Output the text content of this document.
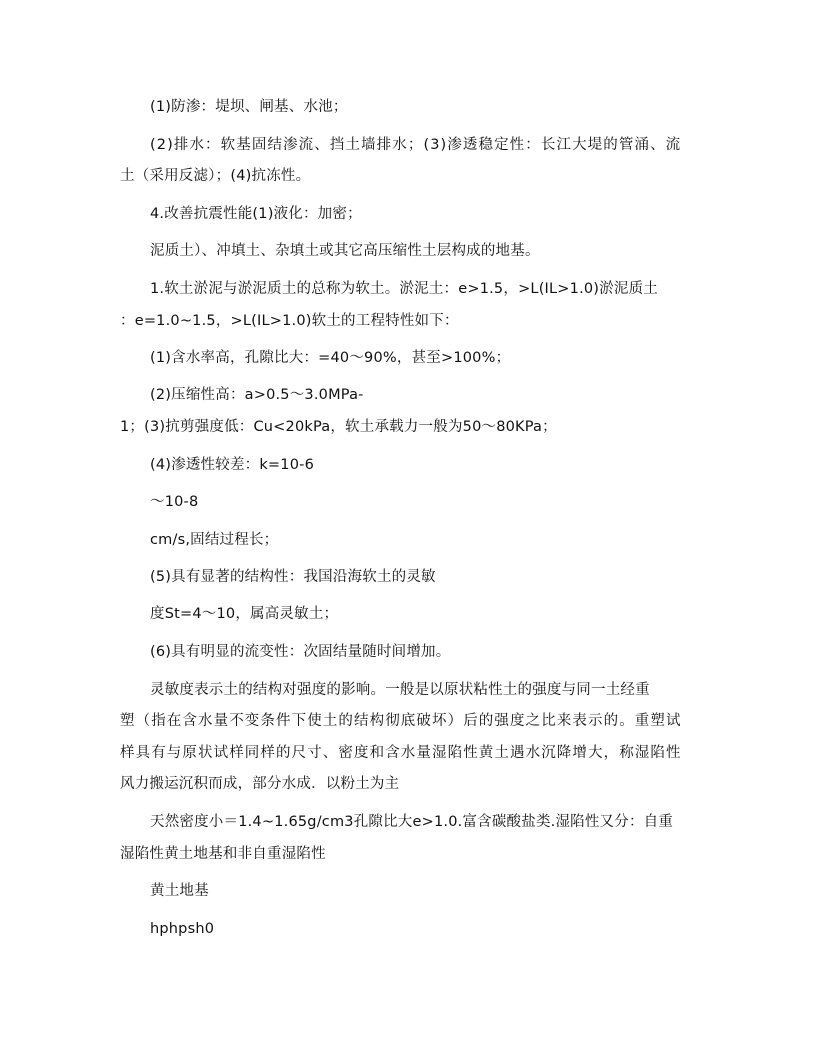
(1)防渗：堤坝、闸基、水池；

(2)排水：软基固结渗流、挡土墙排水；(3)渗透稳定性：长江大堤的管涌、流

土（采用反滤）；(4)抗冻性。

4.改善抗震性能(1)液化：加密；

泥质土）、冲填土、杂填土或其它高压缩性土层构成的地基。

1.软土淤泥与淤泥质土的总称为软土。淤泥土：e>1.5，>L(IL>1.0)淤泥质土

：e=1.0~1.5，>L(IL>1.0)软土的工程特性如下：

(1)含水率高，孔隙比大：=40～90%，甚至>100%；

(2)压缩性高：a>0.5～3.0MPa-

1；(3)抗剪强度低：Cu<20kPa，软土承载力一般为50～80KPa；

(4)渗透性较差：k=10-6

～10-8

cm/s,固结过程长；

(5)具有显著的结构性：我国沿海软土的灵敏

度St=4～10，属高灵敏土；

(6)具有明显的流变性：次固结量随时间增加。

灵敏度表示土的结构对强度的影响。一般是以原状粘性土的强度与同一土经重

塑（指在含水量不变条件下使土的结构彻底破坏）后的强度之比来表示的。重塑试

样具有与原状试样同样的尺寸、密度和含水量湿陷性黄土遇水沉降增大，称湿陷性

风力搬运沉积而成，部分水成．以粉土为主

天然密度小＝1.4~1.65g/cm3孔隙比大e>1.0.富含碳酸盐类.湿陷性又分：自重

湿陷性黄土地基和非自重湿陷性

黄土地基

hphpsh0
